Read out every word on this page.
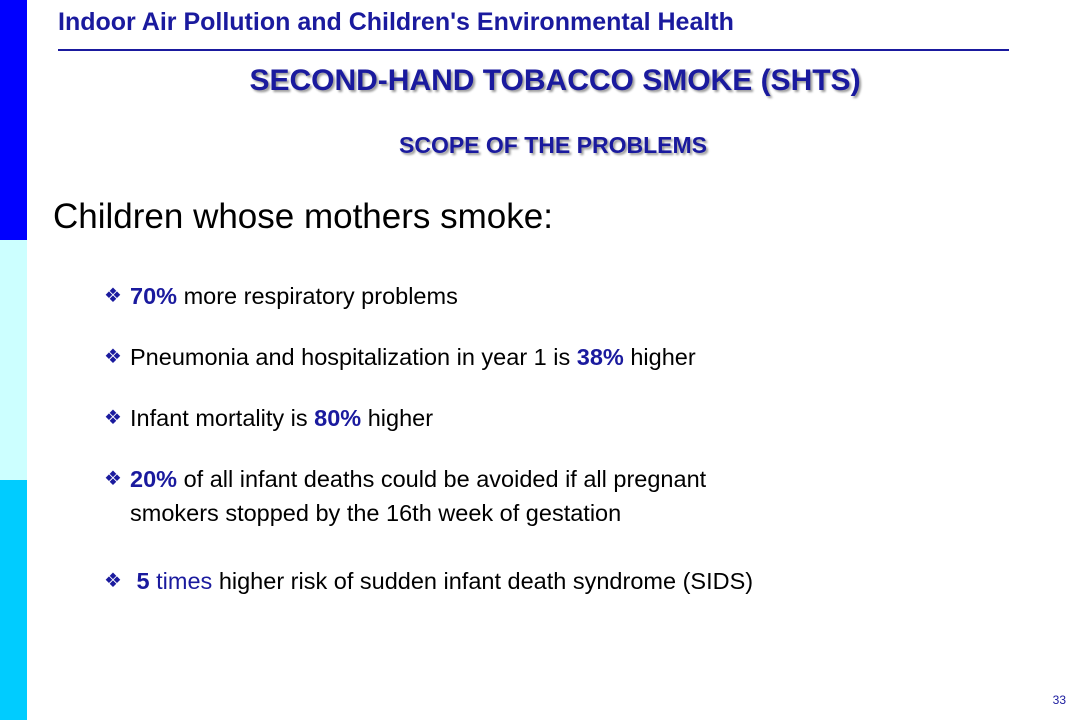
Indoor Air Pollution and Children's Environmental Health
SECOND-HAND TOBACCO SMOKE (SHTS)
SCOPE OF THE PROBLEMS
Children whose mothers smoke:
❖ 70% more respiratory problems
❖ Pneumonia and hospitalization in year 1 is 38% higher
❖ Infant mortality is 80% higher
❖ 20% of all infant deaths could be avoided if all pregnant
smokers stopped by the 16th week of gestation
❖ 5 times higher risk of sudden infant death syndrome (SIDS)
33
